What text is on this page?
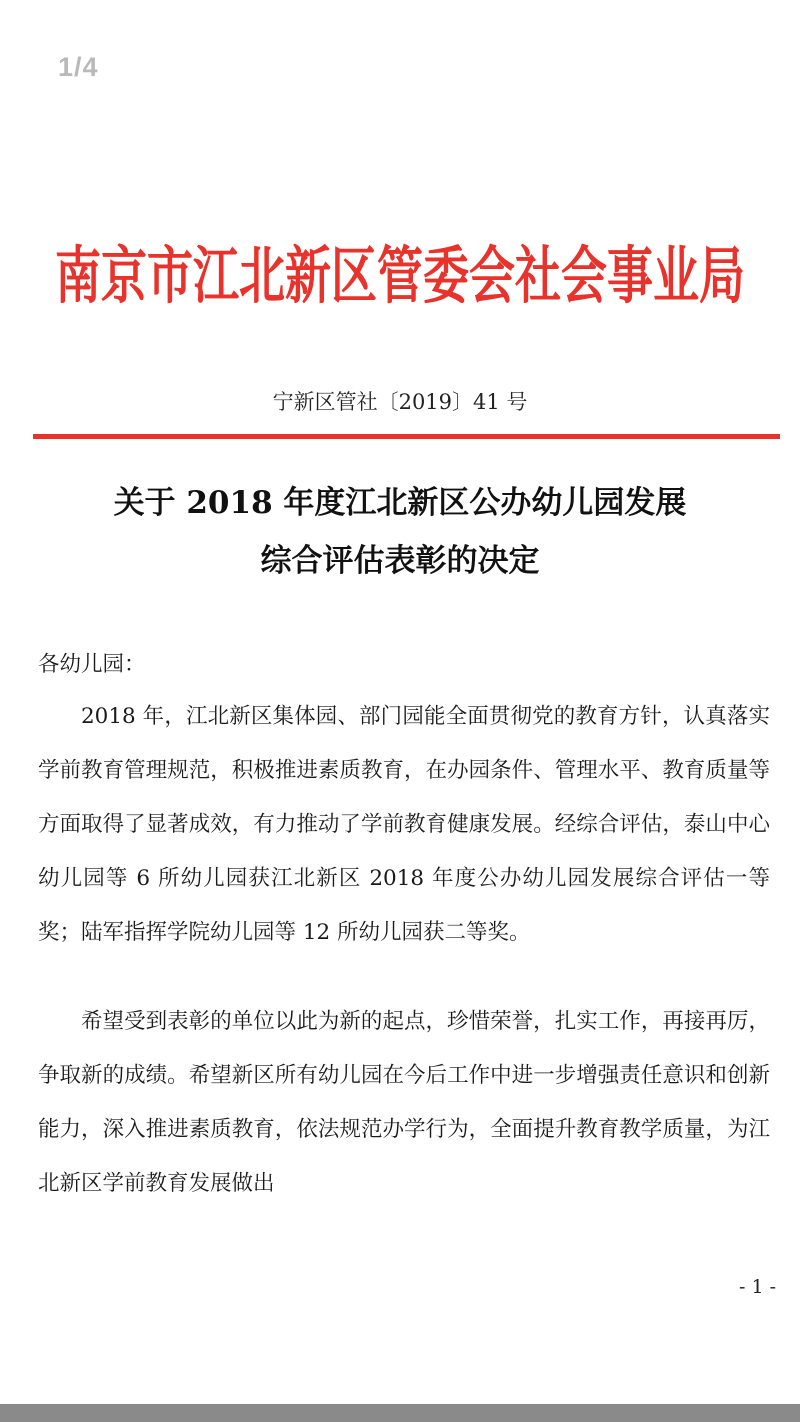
1/4
南京市江北新区管委会社会事业局
宁新区管社〔2019〕41 号
关于 2018 年度江北新区公办幼儿园发展
综合评估表彰的决定
各幼儿园：
2018 年，江北新区集体园、部门园能全面贯彻党的教育方针，认真落实学前教育管理规范，积极推进素质教育，在办园条件、管理水平、教育质量等方面取得了显著成效，有力推动了学前教育健康发展。经综合评估，泰山中心幼儿园等 6 所幼儿园获江北新区 2018 年度公办幼儿园发展综合评估一等奖；陆军指挥学院幼儿园等 12 所幼儿园获二等奖。
希望受到表彰的单位以此为新的起点，珍惜荣誉，扎实工作，再接再厉，争取新的成绩。希望新区所有幼儿园在今后工作中进一步增强责任意识和创新能力，深入推进素质教育，依法规范办学行为，全面提升教育教学质量，为江北新区学前教育发展做出
- 1 -
